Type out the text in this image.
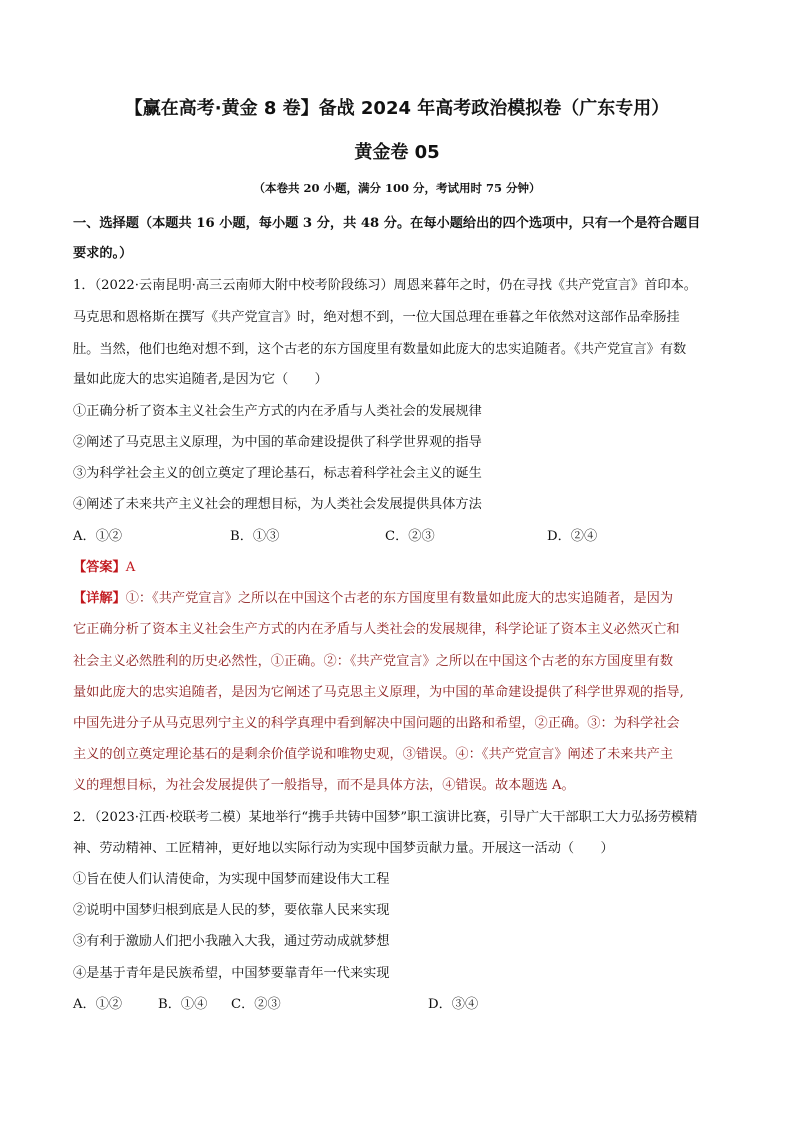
【赢在高考·黄金 8 卷】备战 2024 年高考政治模拟卷（广东专用）
黄金卷 05
（本卷共 20 小题，满分 100 分，考试用时 75 分钟）
一、选择题（本题共 16 小题，每小题 3 分，共 48 分。在每小题给出的四个选项中，只有一个是符合题目
要求的。）
1．（2022·云南昆明·高三云南师大附中校考阶段练习）周恩来暮年之时，仍在寻找《共产党宣言》首印本。
马克思和恩格斯在撰写《共产党宣言》时，绝对想不到，一位大国总理在垂暮之年依然对这部作品牵肠挂
肚。当然，他们也绝对想不到，这个古老的东方国度里有数量如此庞大的忠实追随者。《共产党宣言》有数
量如此庞大的忠实追随者,是因为它（　　）
①正确分析了资本主义社会生产方式的内在矛盾与人类社会的发展规律
②阐述了马克思主义原理，为中国的革命建设提供了科学世界观的指导
③为科学社会主义的创立奠定了理论基石，标志着科学社会主义的诞生
④阐述了未来共产主义社会的理想目标，为人类社会发展提供具体方法
A．①②	B．①③	C．②③	D．②④
【答案】A
【详解】①：《共产党宣言》之所以在中国这个古老的东方国度里有数量如此庞大的忠实追随者，是因为
它正确分析了资本主义社会生产方式的内在矛盾与人类社会的发展规律，科学论证了资本主义必然灭亡和
社会主义必然胜利的历史必然性，①正确。②：《共产党宣言》之所以在中国这个古老的东方国度里有数
量如此庞大的忠实追随者，是因为它阐述了马克思主义原理，为中国的革命建设提供了科学世界观的指导,
中国先进分子从马克思列宁主义的科学真理中看到解决中国问题的出路和希望，②正确。③：为科学社会
主义的创立奠定理论基石的是剩余价值学说和唯物史观，③错误。④：《共产党宣言》阐述了未来共产主
义的理想目标，为社会发展提供了一般指导，而不是具体方法，④错误。故本题选 A。
2．（2023·江西·校联考二模）某地举行“携手共铸中国梦”职工演讲比赛，引导广大干部职工大力弘扬劳模精
神、劳动精神、工匠精神，更好地以实际行动为实现中国梦贡献力量。开展这一活动（　　）
①旨在使人们认清使命，为实现中国梦而建设伟大工程
②说明中国梦归根到底是人民的梦，要依靠人民来实现
③有利于激励人们把小我融入大我，通过劳动成就梦想
④是基于青年是民族希望，中国梦要靠青年一代来实现
A．①②	B．①④ C．②③	D．③④
